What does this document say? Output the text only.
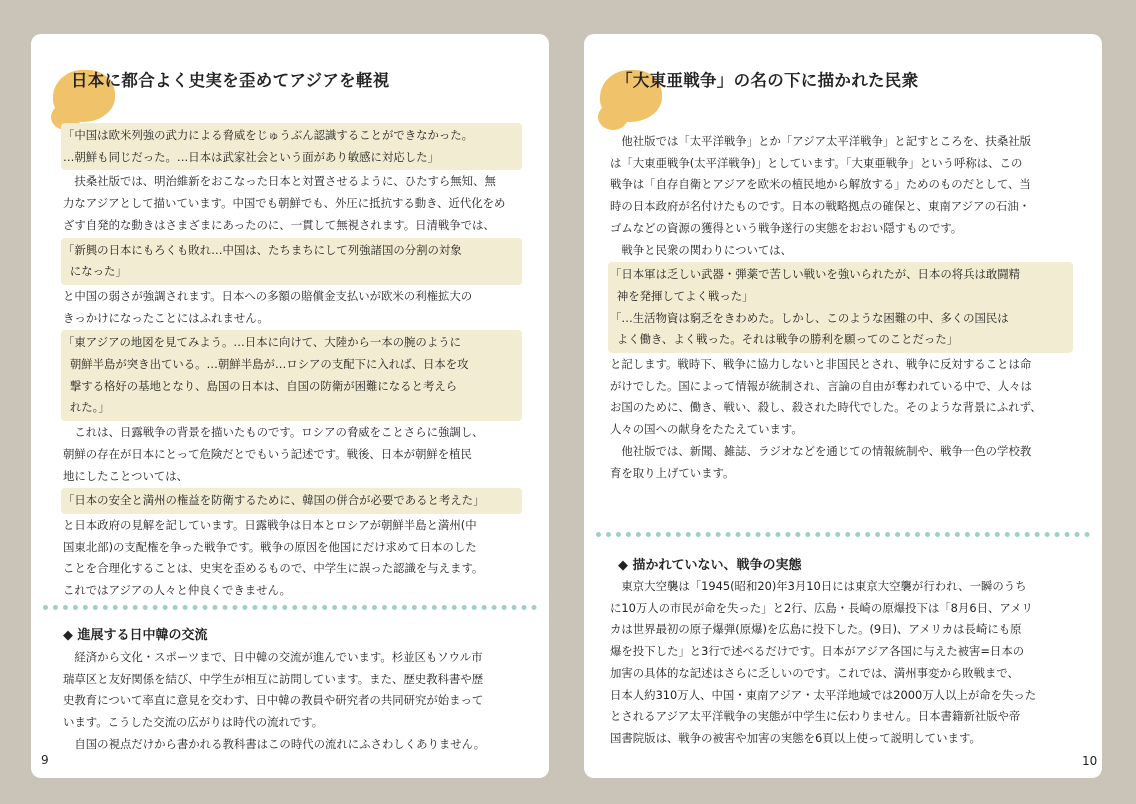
日本に都合よく史実を歪めてアジアを軽視

「中国は欧米列強の武力による脅威をじゅうぶん認識することができなかった。

…朝鮮も同じだった。…日本は武家社会という面があり敏感に対応した」

扶桑社版では、明治維新をおこなった日本と対置させるように、ひたすら無知、無

力なアジアとして描いています。中国でも朝鮮でも、外圧に抵抗する動き、近代化をめ

ざす自発的な動きはさまざまにあったのに、一貫して無視されます。日清戦争では、

「新興の日本にもろくも敗れ…中国は、たちまちにして列強諸国の分割の対象

になった」

と中国の弱さが強調されます。日本への多額の賠償金支払いが欧米の利権拡大の

きっかけになったことにはふれません。

「東アジアの地図を見てみよう。…日本に向けて、大陸から一本の腕のように

朝鮮半島が突き出ている。…朝鮮半島が…ロシアの支配下に入れば、日本を攻

撃する格好の基地となり、島国の日本は、自国の防衛が困難になると考えら

れた。」

これは、日露戦争の背景を描いたものです。ロシアの脅威をことさらに強調し、

朝鮮の存在が日本にとって危険だとでもいう記述です。戦後、日本が朝鮮を植民

地にしたことついては、

「日本の安全と満州の権益を防衛するために、韓国の併合が必要であると考えた」

と日本政府の見解を記しています。日露戦争は日本とロシアが朝鮮半島と満州(中

国東北部)の支配権を争った戦争です。戦争の原因を他国にだけ求めて日本のした

ことを合理化することは、史実を歪めるもので、中学生に誤った認識を与えます。

これではアジアの人々と仲良くできません。

◆ 進展する日中韓の交流

経済から文化・スポーツまで、日中韓の交流が進んでいます。杉並区もソウル市

瑞草区と友好関係を結び、中学生が相互に訪問しています。また、歴史教科書や歴

史教育について率直に意見を交わす、日中韓の教員や研究者の共同研究が始まって

います。こうした交流の広がりは時代の流れです。

自国の視点だけから書かれる教科書はこの時代の流れにふさわしくありません。

9
「大東亜戦争」の名の下に描かれた民衆

他社版では「太平洋戦争」とか「アジア太平洋戦争」と記すところを、扶桑社版

は「大東亜戦争(太平洋戦争)」としています。「大東亜戦争」という呼称は、この

戦争は「自存自衛とアジアを欧米の植民地から解放する」ためのものだとして、当

時の日本政府が名付けたものです。日本の戦略拠点の確保と、東南アジアの石油・

ゴムなどの資源の獲得という戦争遂行の実態をおおい隠すものです。

戦争と民衆の関わりについては、

「日本軍は乏しい武器・弾薬で苦しい戦いを強いられたが、日本の将兵は敢闘精

神を発揮してよく戦った」

「…生活物資は窮乏をきわめた。しかし、このような困難の中、多くの国民は

よく働き、よく戦った。それは戦争の勝利を願ってのことだった」

と記します。戦時下、戦争に協力しないと非国民とされ、戦争に反対することは命

がけでした。国によって情報が統制され、言論の自由が奪われている中で、人々は

お国のために、働き、戦い、殺し、殺された時代でした。そのような背景にふれず、

人々の国への献身をたたえています。

他社版では、新聞、雑誌、ラジオなどを通じての情報統制や、戦争一色の学校教

育を取り上げています。

◆ 描かれていない、戦争の実態

東京大空襲は「1945(昭和20)年3月10日には東京大空襲が行われ、一瞬のうち

に10万人の市民が命を失った」と2行、広島・長崎の原爆投下は「8月6日、アメリ

カは世界最初の原子爆弾(原爆)を広島に投下した。(9日)、アメリカは長崎にも原

爆を投下した」と3行で述べるだけです。日本がアジア各国に与えた被害=日本の

加害の具体的な記述はさらに乏しいのです。これでは、満州事変から敗戦まで、

日本人約310万人、中国・東南アジア・太平洋地域では2000万人以上が命を失った

とされるアジア太平洋戦争の実態が中学生に伝わりません。日本書籍新社版や帝

国書院版は、戦争の被害や加害の実態を6頁以上使って説明しています。

10
